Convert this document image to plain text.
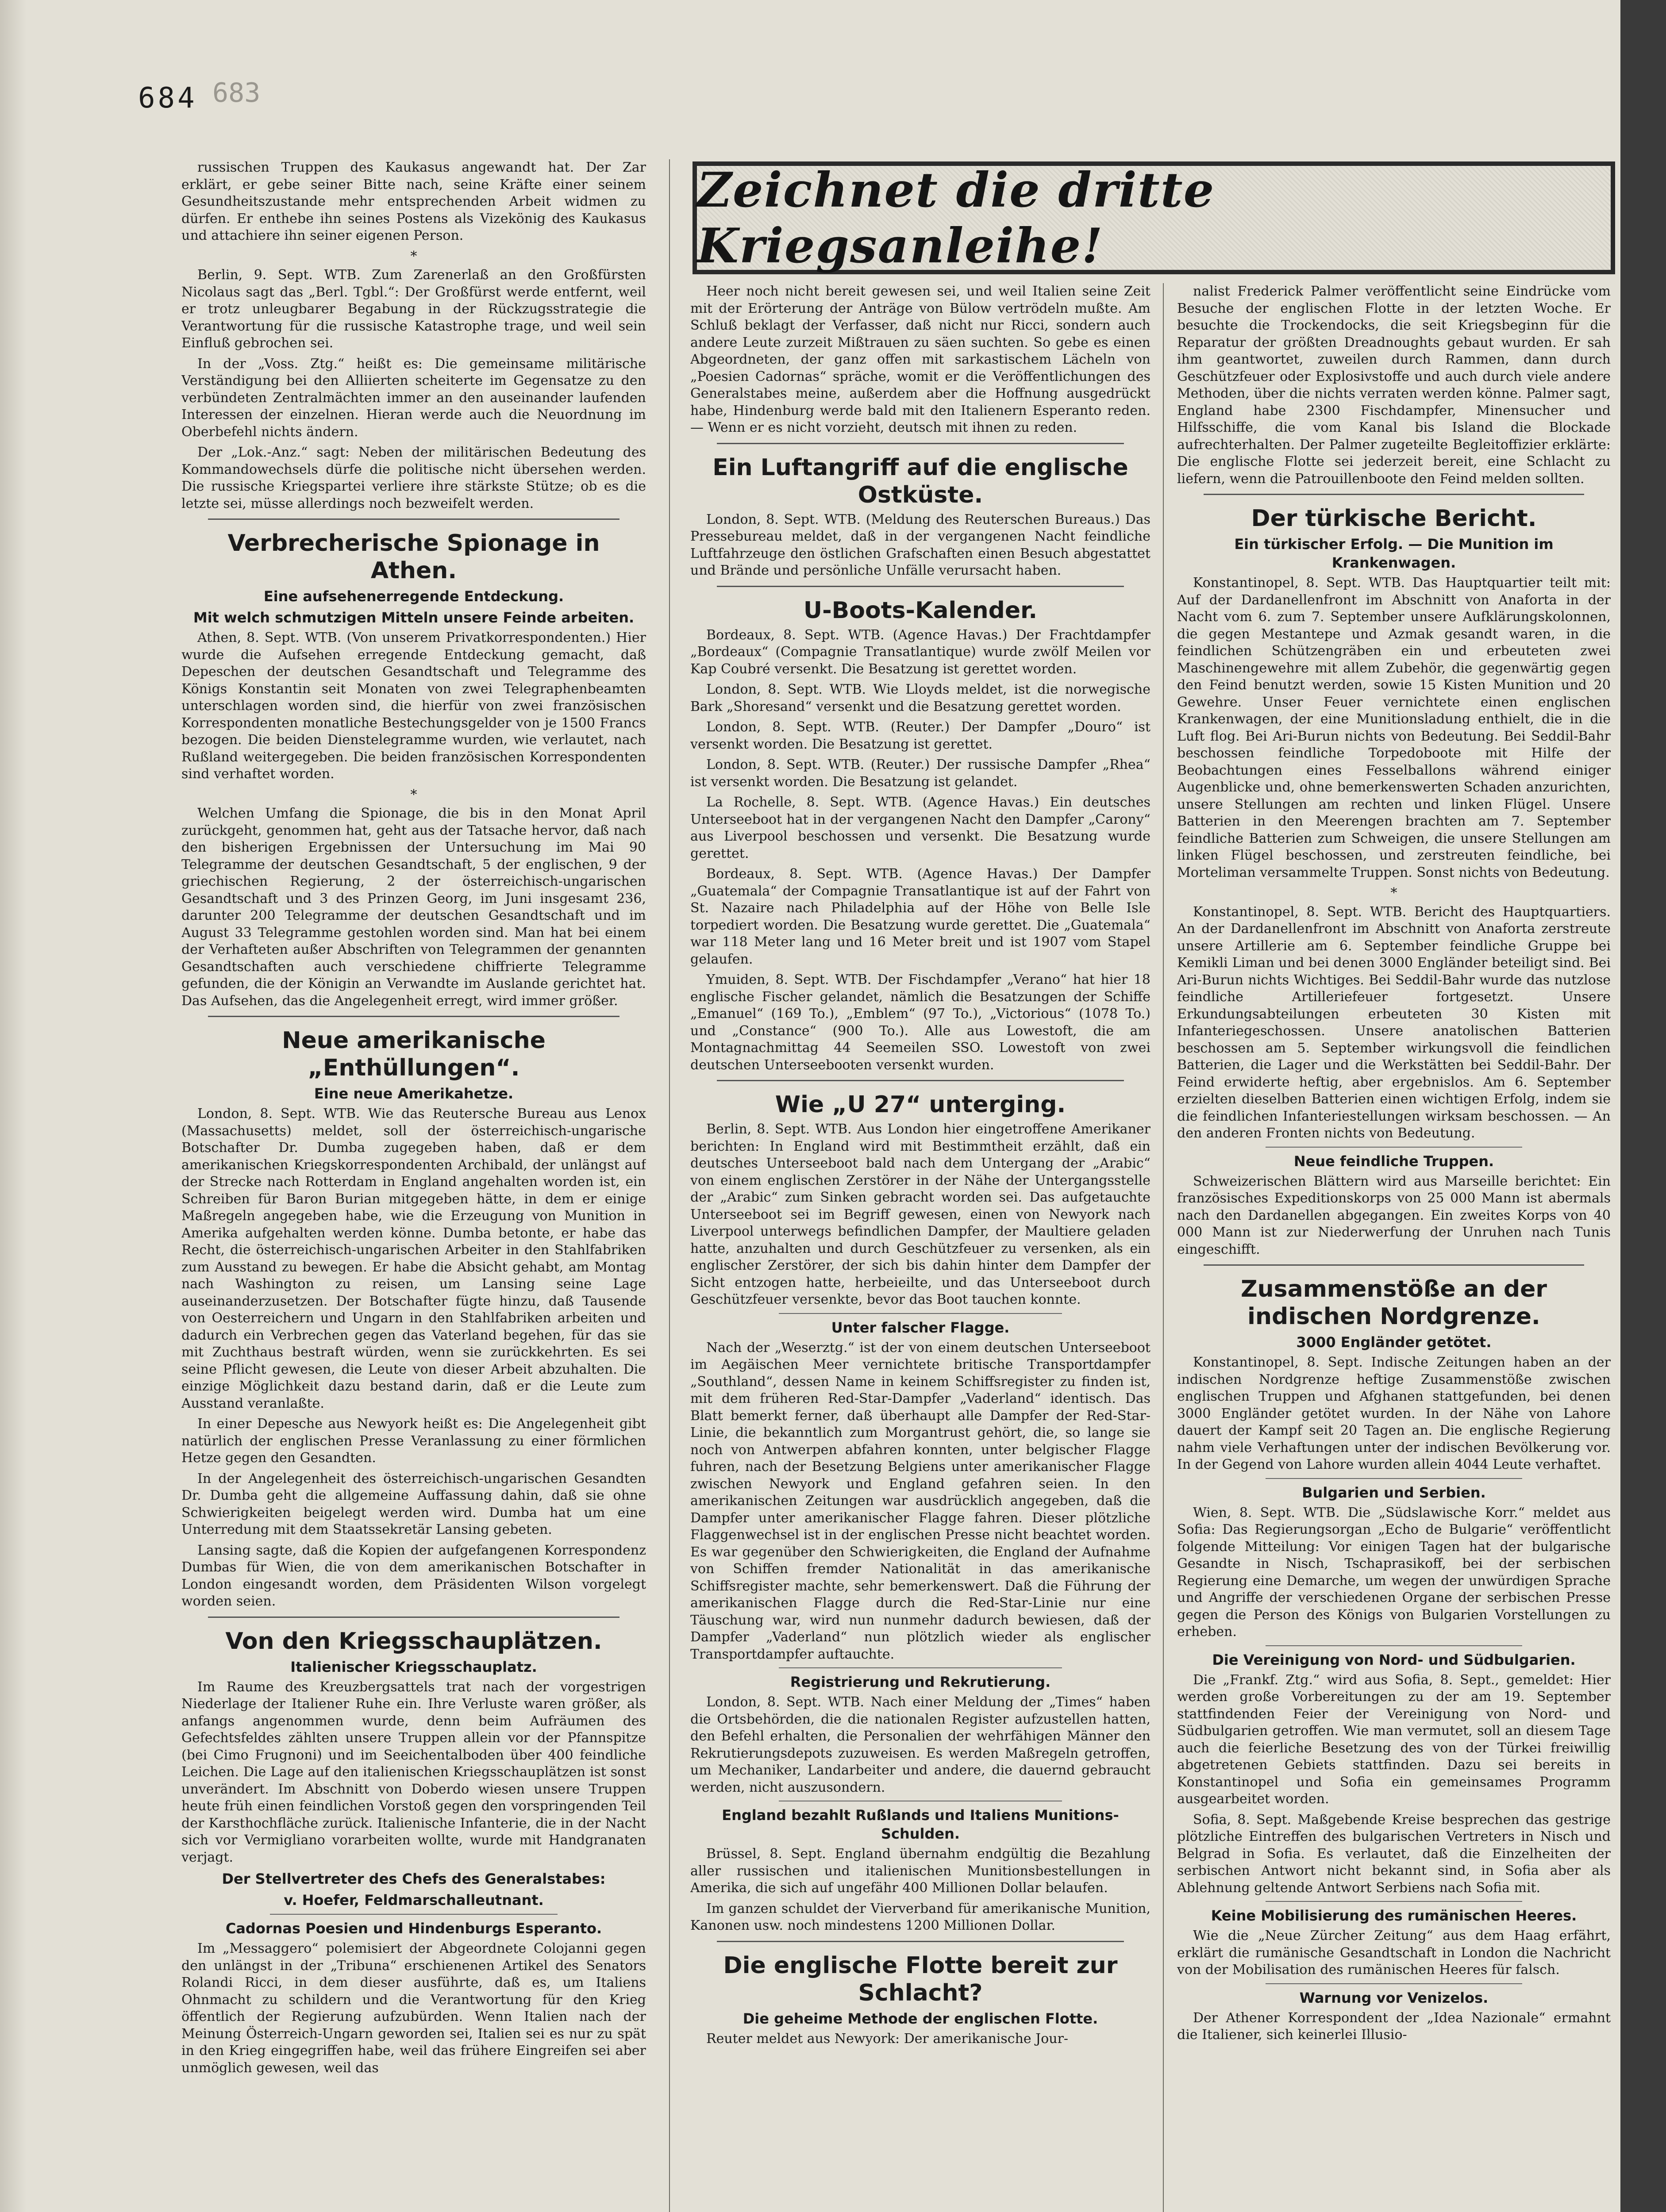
684 683
Zeichnet die dritte Kriegsanleihe!

russischen Truppen des Kaukasus angewandt hat. Der Zar erklärt, er gebe seiner Bitte nach, seine Kräfte einer seinem Gesundheitszustande mehr entsprechenden Arbeit widmen zu dürfen. Er enthebe ihn seines Postens als Vizekönig des Kaukasus und attachiere ihn seiner eigenen Person.

*

Berlin, 9. Sept. WTB. Zum Zarenerlaß an den Großfürsten Nicolaus sagt das „Berl. Tgbl.“: Der Großfürst werde entfernt, weil er trotz unleugbarer Begabung in der Rückzugsstrategie die Verantwortung für die russische Katastrophe trage, und weil sein Einfluß gebrochen sei.

In der „Voss. Ztg.“ heißt es: Die gemeinsame militärische Verständigung bei den Alliierten scheiterte im Gegensatze zu den verbündeten Zentralmächten immer an den auseinander laufenden Interessen der einzelnen. Hieran werde auch die Neuordnung im Oberbefehl nichts ändern.

Der „Lok.-Anz.“ sagt: Neben der militärischen Bedeutung des Kommandowechsels dürfe die politische nicht übersehen werden. Die russische Kriegspartei verliere ihre stärkste Stütze; ob es die letzte sei, müsse allerdings noch bezweifelt werden.

Verbrecherische Spionage in Athen.
Eine aufsehenerregende Entdeckung.
Mit welch schmutzigen Mitteln unsere Feinde arbeiten.

Athen, 8. Sept. WTB. (Von unserem Privatkorrespondenten.) Hier wurde die Aufsehen erregende Entdeckung gemacht, daß Depeschen der deutschen Gesandtschaft und Telegramme des Königs Konstantin seit Monaten von zwei Telegraphenbeamten unterschlagen worden sind, die hierfür von zwei französischen Korrespondenten monatliche Bestechungsgelder von je 1500 Francs bezogen. Die beiden Dienstelegramme wurden, wie verlautet, nach Rußland weitergegeben. Die beiden französischen Korrespondenten sind verhaftet worden.

*

Welchen Umfang die Spionage, die bis in den Monat April zurückgeht, genommen hat, geht aus der Tatsache hervor, daß nach den bisherigen Ergebnissen der Untersuchung im Mai 90 Telegramme der deutschen Gesandtschaft, 5 der englischen, 9 der griechischen Regierung, 2 der österreichisch-ungarischen Gesandtschaft und 3 des Prinzen Georg, im Juni insgesamt 236, darunter 200 Telegramme der deutschen Gesandtschaft und im August 33 Telegramme gestohlen worden sind. Man hat bei einem der Verhafteten außer Abschriften von Telegrammen der genannten Gesandtschaften auch verschiedene chiffrierte Telegramme gefunden, die der Königin an Verwandte im Auslande gerichtet hat. Das Aufsehen, das die Angelegenheit erregt, wird immer größer.

Neue amerikanische „Enthüllungen“.
Eine neue Amerikahetze.

London, 8. Sept. WTB. Wie das Reutersche Bureau aus Lenox (Massachusetts) meldet, soll der österreichisch-ungarische Botschafter Dr. Dumba zugegeben haben, daß er dem amerikanischen Kriegskorrespondenten Archibald, der unlängst auf der Strecke nach Rotterdam in England angehalten worden ist, ein Schreiben für Baron Burian mitgegeben hätte, in dem er einige Maßregeln angegeben habe, wie die Erzeugung von Munition in Amerika aufgehalten werden könne. Dumba betonte, er habe das Recht, die österreichisch-ungarischen Arbeiter in den Stahlfabriken zum Ausstand zu bewegen. Er habe die Absicht gehabt, am Montag nach Washington zu reisen, um Lansing seine Lage auseinanderzusetzen. Der Botschafter fügte hinzu, daß Tausende von Oesterreichern und Ungarn in den Stahlfabriken arbeiten und dadurch ein Verbrechen gegen das Vaterland begehen, für das sie mit Zuchthaus bestraft würden, wenn sie zurückkehrten. Es sei seine Pflicht gewesen, die Leute von dieser Arbeit abzuhalten. Die einzige Möglichkeit dazu bestand darin, daß er die Leute zum Ausstand veranlaßte.

In einer Depesche aus Newyork heißt es: Die Angelegenheit gibt natürlich der englischen Presse Veranlassung zu einer förmlichen Hetze gegen den Gesandten.

In der Angelegenheit des österreichisch-ungarischen Gesandten Dr. Dumba geht die allgemeine Auffassung dahin, daß sie ohne Schwierigkeiten beigelegt werden wird. Dumba hat um eine Unterredung mit dem Staatssekretär Lansing gebeten.

Lansing sagte, daß die Kopien der aufgefangenen Korrespondenz Dumbas für Wien, die von dem amerikanischen Botschafter in London eingesandt worden, dem Präsidenten Wilson vorgelegt worden seien.

Von den Kriegsschauplätzen.
Italienischer Kriegsschauplatz.

Im Raume des Kreuzbergsattels trat nach der vorgestrigen Niederlage der Italiener Ruhe ein. Ihre Verluste waren größer, als anfangs angenommen wurde, denn beim Aufräumen des Gefechtsfeldes zählten unsere Truppen allein vor der Pfannspitze (bei Cimo Frugnoni) und im Seeichentalboden über 400 feindliche Leichen. Die Lage auf den italienischen Kriegsschauplätzen ist sonst unverändert. Im Abschnitt von Doberdo wiesen unsere Truppen heute früh einen feindlichen Vorstoß gegen den vorspringenden Teil der Karsthochfläche zurück. Italienische Infanterie, die in der Nacht sich vor Vermigliano vorarbeiten wollte, wurde mit Handgranaten verjagt.

Der Stellvertreter des Chefs des Generalstabes:
v. Hoefer, Feldmarschalleutnant.
Cadornas Poesien und Hindenburgs Esperanto.

Im „Messaggero“ polemisiert der Abgeordnete Colojanni gegen den unlängst in der „Tribuna“ erschienenen Artikel des Senators Rolandi Ricci, in dem dieser ausführte, daß es, um Italiens Ohnmacht zu schildern und die Verantwortung für den Krieg öffentlich der Regierung aufzubürden. Wenn Italien nach der Meinung Österreich-Ungarn geworden sei, Italien sei es nur zu spät in den Krieg eingegriffen habe, weil das frühere Eingreifen sei aber unmöglich gewesen, weil das

Heer noch nicht bereit gewesen sei, und weil Italien seine Zeit mit der Erörterung der Anträge von Bülow vertrödeln mußte. Am Schluß beklagt der Verfasser, daß nicht nur Ricci, sondern auch andere Leute zurzeit Mißtrauen zu säen suchten. So gebe es einen Abgeordneten, der ganz offen mit sarkastischem Lächeln von „Poesien Cadornas“ spräche, womit er die Veröffentlichungen des Generalstabes meine, außerdem aber die Hoffnung ausgedrückt habe, Hindenburg werde bald mit den Italienern Esperanto reden. — Wenn er es nicht vorzieht, deutsch mit ihnen zu reden.

Ein Luftangriff auf die englische Ostküste.

London, 8. Sept. WTB. (Meldung des Reuterschen Bureaus.) Das Pressebureau meldet, daß in der vergangenen Nacht feindliche Luftfahrzeuge den östlichen Grafschaften einen Besuch abgestattet und Brände und persönliche Unfälle verursacht haben.

U-Boots-Kalender.

Bordeaux, 8. Sept. WTB. (Agence Havas.) Der Frachtdampfer „Bordeaux“ (Compagnie Transatlantique) wurde zwölf Meilen vor Kap Coubré versenkt. Die Besatzung ist gerettet worden.

London, 8. Sept. WTB. Wie Lloyds meldet, ist die norwegische Bark „Shoresand“ versenkt und die Besatzung gerettet worden.

London, 8. Sept. WTB. (Reuter.) Der Dampfer „Douro“ ist versenkt worden. Die Besatzung ist gerettet.

London, 8. Sept. WTB. (Reuter.) Der russische Dampfer „Rhea“ ist versenkt worden. Die Besatzung ist gelandet.

La Rochelle, 8. Sept. WTB. (Agence Havas.) Ein deutsches Unterseeboot hat in der vergangenen Nacht den Dampfer „Carony“ aus Liverpool beschossen und versenkt. Die Besatzung wurde gerettet.

Bordeaux, 8. Sept. WTB. (Agence Havas.) Der Dampfer „Guatemala“ der Compagnie Transatlantique ist auf der Fahrt von St. Nazaire nach Philadelphia auf der Höhe von Belle Isle torpediert worden. Die Besatzung wurde gerettet. Die „Guatemala“ war 118 Meter lang und 16 Meter breit und ist 1907 vom Stapel gelaufen.

Ymuiden, 8. Sept. WTB. Der Fischdampfer „Verano“ hat hier 18 englische Fischer gelandet, nämlich die Besatzungen der Schiffe „Emanuel“ (169 To.), „Emblem“ (97 To.), „Victorious“ (1078 To.) und „Constance“ (900 To.). Alle aus Lowestoft, die am Montagnachmittag 44 Seemeilen SSO. Lowestoft von zwei deutschen Unterseebooten versenkt wurden.

Wie „U 27“ unterging.

Berlin, 8. Sept. WTB. Aus London hier eingetroffene Amerikaner berichten: In England wird mit Bestimmtheit erzählt, daß ein deutsches Unterseeboot bald nach dem Untergang der „Arabic“ von einem englischen Zerstörer in der Nähe der Untergangsstelle der „Arabic“ zum Sinken gebracht worden sei. Das aufgetauchte Unterseeboot sei im Begriff gewesen, einen von Newyork nach Liverpool unterwegs befindlichen Dampfer, der Maultiere geladen hatte, anzuhalten und durch Geschützfeuer zu versenken, als ein englischer Zerstörer, der sich bis dahin hinter dem Dampfer der Sicht entzogen hatte, herbeieilte, und das Unterseeboot durch Geschützfeuer versenkte, bevor das Boot tauchen konnte.

Unter falscher Flagge.

Nach der „Weserztg.“ ist der von einem deutschen Unterseeboot im Aegäischen Meer vernichtete britische Transportdampfer „Southland“, dessen Name in keinem Schiffsregister zu finden ist, mit dem früheren Red-Star-Dampfer „Vaderland“ identisch. Das Blatt bemerkt ferner, daß überhaupt alle Dampfer der Red-Star-Linie, die bekanntlich zum Morgantrust gehört, die, so lange sie noch von Antwerpen abfahren konnten, unter belgischer Flagge fuhren, nach der Besetzung Belgiens unter amerikanischer Flagge zwischen Newyork und England gefahren seien. In den amerikanischen Zeitungen war ausdrücklich angegeben, daß die Dampfer unter amerikanischer Flagge fahren. Dieser plötzliche Flaggenwechsel ist in der englischen Presse nicht beachtet worden. Es war gegenüber den Schwierigkeiten, die England der Aufnahme von Schiffen fremder Nationalität in das amerikanische Schiffsregister machte, sehr bemerkenswert. Daß die Führung der amerikanischen Flagge durch die Red-Star-Linie nur eine Täuschung war, wird nun nunmehr dadurch bewiesen, daß der Dampfer „Vaderland“ nun plötzlich wieder als englischer Transportdampfer auftauchte.

Registrierung und Rekrutierung.

London, 8. Sept. WTB. Nach einer Meldung der „Times“ haben die Ortsbehörden, die die nationalen Register aufzustellen hatten, den Befehl erhalten, die Personalien der wehrfähigen Männer den Rekrutierungsdepots zuzuweisen. Es werden Maßregeln getroffen, um Mechaniker, Landarbeiter und andere, die dauernd gebraucht werden, nicht auszusondern.

England bezahlt Rußlands und Italiens Munitions-Schulden.

Brüssel, 8. Sept. England übernahm endgültig die Bezahlung aller russischen und italienischen Munitionsbestellungen in Amerika, die sich auf ungefähr 400 Millionen Dollar belaufen.

Im ganzen schuldet der Vierverband für amerikanische Munition, Kanonen usw. noch mindestens 1200 Millionen Dollar.

Die englische Flotte bereit zur Schlacht?
Die geheime Methode der englischen Flotte.

Reuter meldet aus Newyork: Der amerikanische Jour-

nalist Frederick Palmer veröffentlicht seine Eindrücke vom Besuche der englischen Flotte in der letzten Woche. Er besuchte die Trockendocks, die seit Kriegsbeginn für die Reparatur der größten Dreadnoughts gebaut wurden. Er sah ihm geantwortet, zuweilen durch Rammen, dann durch Geschützfeuer oder Explosivstoffe und auch durch viele andere Methoden, über die nichts verraten werden könne. Palmer sagt, England habe 2300 Fischdampfer, Minensucher und Hilfsschiffe, die vom Kanal bis Island die Blockade aufrechterhalten. Der Palmer zugeteilte Begleitoffizier erklärte: Die englische Flotte sei jederzeit bereit, eine Schlacht zu liefern, wenn die Patrouillenboote den Feind melden sollten.

Der türkische Bericht.
Ein türkischer Erfolg. — Die Munition im Krankenwagen.

Konstantinopel, 8. Sept. WTB. Das Hauptquartier teilt mit: Auf der Dardanellenfront im Abschnitt von Anaforta in der Nacht vom 6. zum 7. September unsere Aufklärungskolonnen, die gegen Mestantepe und Azmak gesandt waren, in die feindlichen Schützengräben ein und erbeuteten zwei Maschinengewehre mit allem Zubehör, die gegenwärtig gegen den Feind benutzt werden, sowie 15 Kisten Munition und 20 Gewehre. Unser Feuer vernichtete einen englischen Krankenwagen, der eine Munitionsladung enthielt, die in die Luft flog. Bei Ari-Burun nichts von Bedeutung. Bei Seddil-Bahr beschossen feindliche Torpedoboote mit Hilfe der Beobachtungen eines Fesselballons während einiger Augenblicke und, ohne bemerkenswerten Schaden anzurichten, unsere Stellungen am rechten und linken Flügel. Unsere Batterien in den Meerengen brachten am 7. September feindliche Batterien zum Schweigen, die unsere Stellungen am linken Flügel beschossen, und zerstreuten feindliche, bei Morteliman versammelte Truppen. Sonst nichts von Bedeutung.

*

Konstantinopel, 8. Sept. WTB. Bericht des Hauptquartiers. An der Dardanellenfront im Abschnitt von Anaforta zerstreute unsere Artillerie am 6. September feindliche Gruppe bei Kemikli Liman und bei denen 3000 Engländer beteiligt sind. Bei Ari-Burun nichts Wichtiges. Bei Seddil-Bahr wurde das nutzlose feindliche Artilleriefeuer fortgesetzt. Unsere Erkundungsabteilungen erbeuteten 30 Kisten mit Infanteriegeschossen. Unsere anatolischen Batterien beschossen am 5. September wirkungsvoll die feindlichen Batterien, die Lager und die Werkstätten bei Seddil-Bahr. Der Feind erwiderte heftig, aber ergebnislos. Am 6. September erzielten dieselben Batterien einen wichtigen Erfolg, indem sie die feindlichen Infanteriestellungen wirksam beschossen. — An den anderen Fronten nichts von Bedeutung.

Neue feindliche Truppen.

Schweizerischen Blättern wird aus Marseille berichtet: Ein französisches Expeditionskorps von 25 000 Mann ist abermals nach den Dardanellen abgegangen. Ein zweites Korps von 40 000 Mann ist zur Niederwerfung der Unruhen nach Tunis eingeschifft.

Zusammenstöße an der indischen Nordgrenze.
3000 Engländer getötet.

Konstantinopel, 8. Sept. Indische Zeitungen haben an der indischen Nordgrenze heftige Zusammenstöße zwischen englischen Truppen und Afghanen stattgefunden, bei denen 3000 Engländer getötet wurden. In der Nähe von Lahore dauert der Kampf seit 20 Tagen an. Die englische Regierung nahm viele Verhaftungen unter der indischen Bevölkerung vor. In der Gegend von Lahore wurden allein 4044 Leute verhaftet.

Bulgarien und Serbien.

Wien, 8. Sept. WTB. Die „Südslawische Korr.“ meldet aus Sofia: Das Regierungsorgan „Echo de Bulgarie“ veröffentlicht folgende Mitteilung: Vor einigen Tagen hat der bulgarische Gesandte in Nisch, Tschaprasikoff, bei der serbischen Regierung eine Demarche, um wegen der unwürdigen Sprache und Angriffe der verschiedenen Organe der serbischen Presse gegen die Person des Königs von Bulgarien Vorstellungen zu erheben.

Die Vereinigung von Nord- und Südbulgarien.

Die „Frankf. Ztg.“ wird aus Sofia, 8. Sept., gemeldet: Hier werden große Vorbereitungen zu der am 19. September stattfindenden Feier der Vereinigung von Nord- und Südbulgarien getroffen. Wie man vermutet, soll an diesem Tage auch die feierliche Besetzung des von der Türkei freiwillig abgetretenen Gebiets stattfinden. Dazu sei bereits in Konstantinopel und Sofia ein gemeinsames Programm ausgearbeitet worden.

Sofia, 8. Sept. Maßgebende Kreise besprechen das gestrige plötzliche Eintreffen des bulgarischen Vertreters in Nisch und Belgrad in Sofia. Es verlautet, daß die Einzelheiten der serbischen Antwort nicht bekannt sind, in Sofia aber als Ablehnung geltende Antwort Serbiens nach Sofia mit.

Keine Mobilisierung des rumänischen Heeres.

Wie die „Neue Zürcher Zeitung“ aus dem Haag erfährt, erklärt die rumänische Gesandtschaft in London die Nachricht von der Mobilisation des rumänischen Heeres für falsch.

Warnung vor Venizelos.

Der Athener Korrespondent der „Idea Nazionale“ ermahnt die Italiener, sich keinerlei Illusio-
